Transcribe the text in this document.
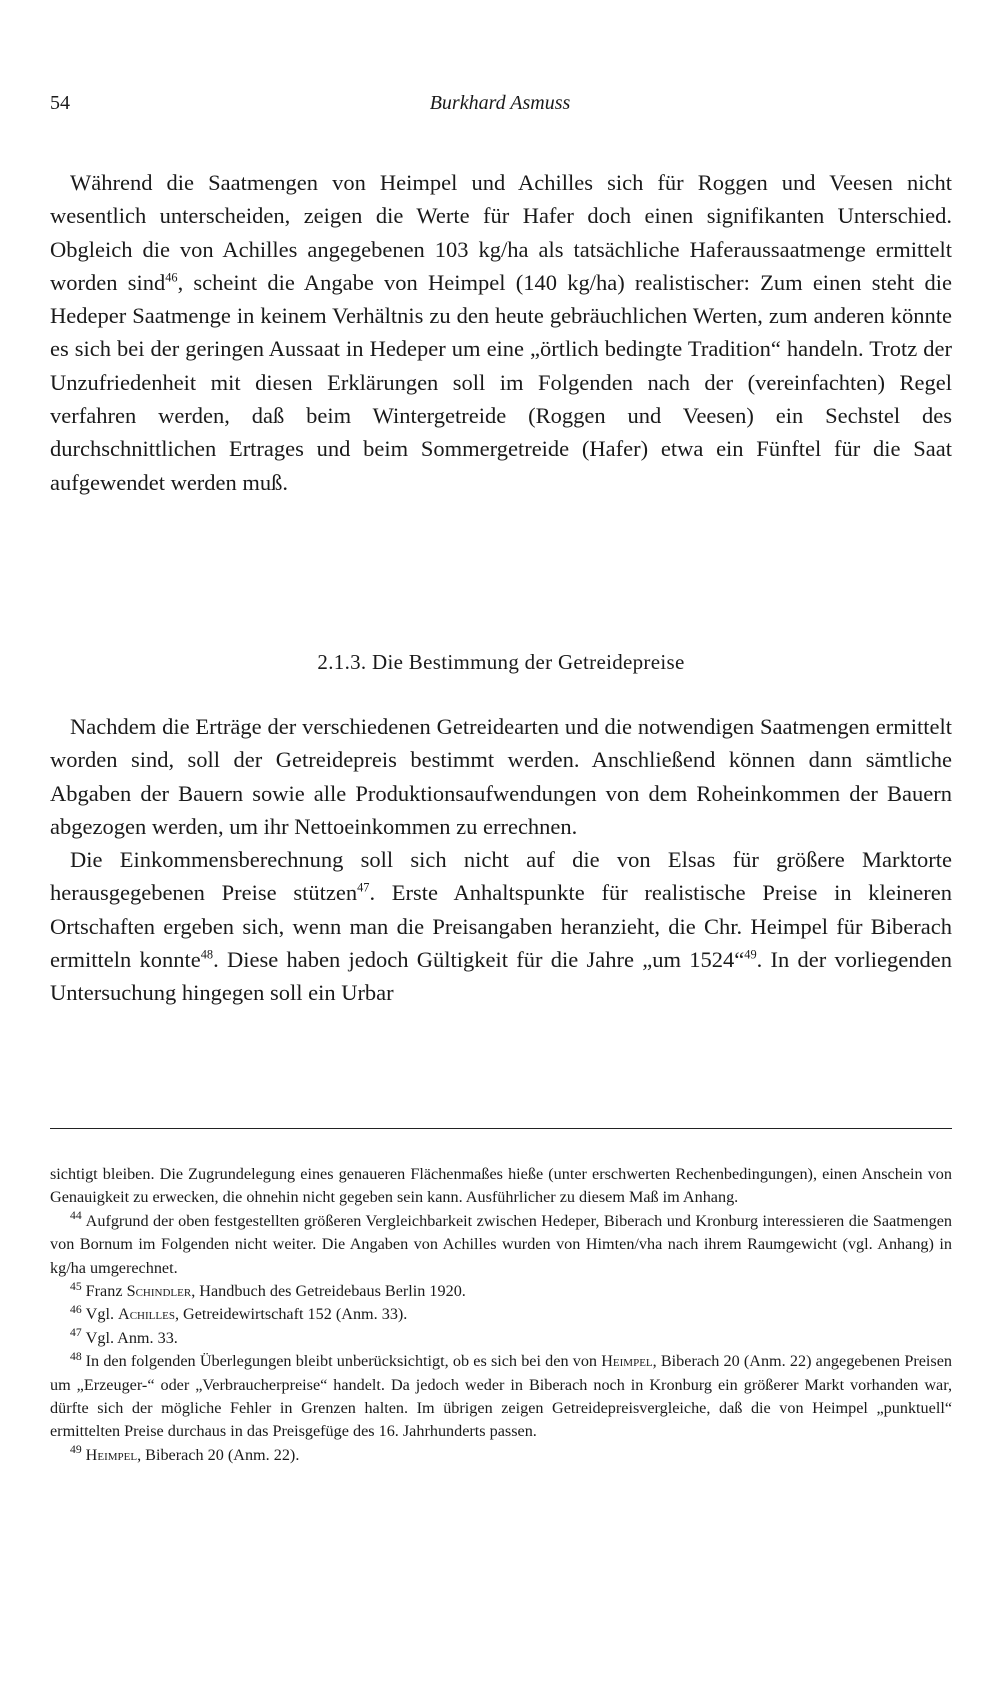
54	Burkhard Asmuss

Während die Saatmengen von Heimpel und Achilles sich für Roggen und Veesen nicht wesentlich unterscheiden, zeigen die Werte für Hafer doch einen signifikanten Unterschied. Obgleich die von Achilles angegebenen 103 kg/ha als tatsächliche Haferaussaatmenge ermittelt worden sind$^{46}$, scheint die Angabe von Heimpel (140 kg/ha) realistischer: Zum einen steht die Hedeper Saatmenge in keinem Verhältnis zu den heute gebräuchlichen Werten, zum anderen könnte es sich bei der geringen Aussaat in Hedeper um eine „örtlich bedingte Tradition“ handeln. Trotz der Unzufriedenheit mit diesen Erklärungen soll im Folgenden nach der (vereinfachten) Regel verfahren werden, daß beim Wintergetreide (Roggen und Veesen) ein Sechstel des durchschnittlichen Ertrages und beim Sommergetreide (Hafer) etwa ein Fünftel für die Saat aufgewendet werden muß.

2.1.3. Die Bestimmung der Getreidepreise

Nachdem die Erträge der verschiedenen Getreidearten und die notwendigen Saatmengen ermittelt worden sind, soll der Getreidepreis bestimmt werden. Anschließend können dann sämtliche Abgaben der Bauern sowie alle Produktionsaufwendungen von dem Roheinkommen der Bauern abgezogen werden, um ihr Nettoeinkommen zu errechnen.

Die Einkommensberechnung soll sich nicht auf die von Elsas für größere Marktorte herausgegebenen Preise stützen$^{47}$. Erste Anhaltspunkte für realistische Preise in kleineren Ortschaften ergeben sich, wenn man die Preisangaben heranzieht, die Chr. Heimpel für Biberach ermitteln konnte$^{48}$. Diese haben jedoch Gültigkeit für die Jahre „um 1524“$^{49}$. In der vorliegenden Untersuchung hingegen soll ein Urbar

sichtigt bleiben. Die Zugrundelegung eines genaueren Flächenmaßes hieße (unter erschwerten Rechenbedingungen), einen Anschein von Genauigkeit zu erwecken, die ohnehin nicht gegeben sein kann. Ausführlicher zu diesem Maß im Anhang.

$^{44}$ Aufgrund der oben festgestellten größeren Vergleichbarkeit zwischen Hedeper, Biberach und Kronburg interessieren die Saatmengen von Bornum im Folgenden nicht weiter. Die Angaben von Achilles wurden von Himten/vha nach ihrem Raumgewicht (vgl. Anhang) in kg/ha umgerechnet.

$^{45}$ Franz Schindler, Handbuch des Getreidebaus Berlin 1920.

$^{46}$ Vgl. Achilles, Getreidewirtschaft 152 (Anm. 33).

$^{47}$ Vgl. Anm. 33.

$^{48}$ In den folgenden Überlegungen bleibt unberücksichtigt, ob es sich bei den von Heimpel, Biberach 20 (Anm. 22) angegebenen Preisen um „Erzeuger-“ oder „Verbraucherpreise“ handelt. Da jedoch weder in Biberach noch in Kronburg ein größerer Markt vorhanden war, dürfte sich der mögliche Fehler in Grenzen halten. Im übrigen zeigen Getreidepreisvergleiche, daß die von Heimpel „punktuell“ ermittelten Preise durchaus in das Preisgefüge des 16. Jahrhunderts passen.

$^{49}$ Heimpel, Biberach 20 (Anm. 22).
